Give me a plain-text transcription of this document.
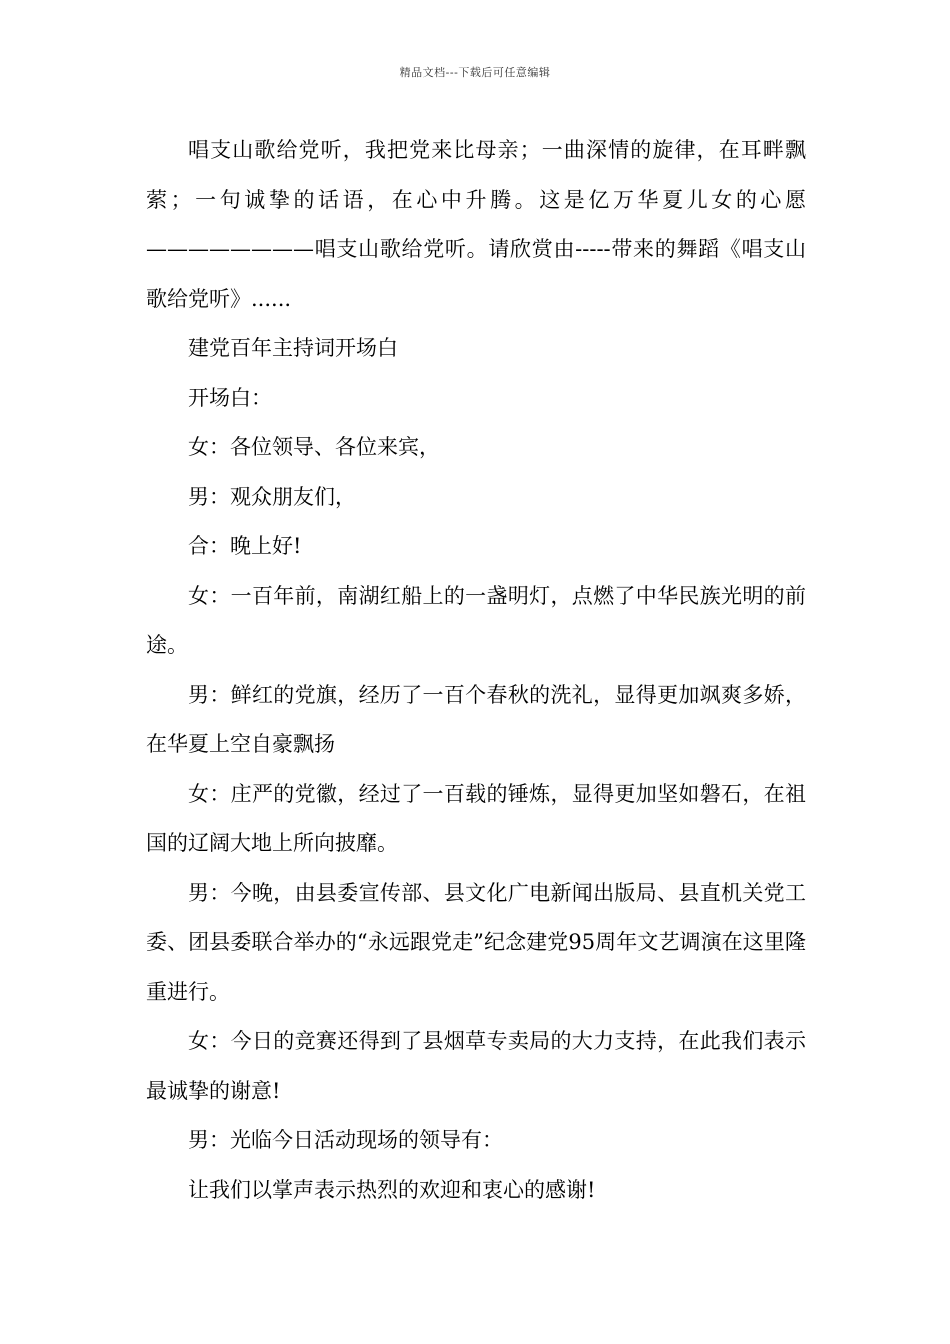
精品文档---下载后可任意编辑

唱支山歌给党听，我把党来比母亲；一曲深情的旋律，在耳畔飘萦；一句诚挚的话语，在心中升腾。这是亿万华夏儿女的心愿————————唱支山歌给党听。请欣赏由-----带来的舞蹈《唱支山歌给党听》......

建党百年主持词开场白

开场白：

女：各位领导、各位来宾，

男：观众朋友们，

合：晚上好!

女：一百年前，南湖红船上的一盏明灯，点燃了中华民族光明的前途。

男：鲜红的党旗，经历了一百个春秋的洗礼，显得更加飒爽多娇，在华夏上空自豪飘扬

女：庄严的党徽，经过了一百载的锤炼，显得更加坚如磐石，在祖国的辽阔大地上所向披靡。

男：今晚，由县委宣传部、县文化广电新闻出版局、县直机关党工委、团县委联合举办的“永远跟党走”纪念建党95周年文艺调演在这里隆重进行。

女：今日的竞赛还得到了县烟草专卖局的大力支持，在此我们表示最诚挚的谢意!

男：光临今日活动现场的领导有：

让我们以掌声表示热烈的欢迎和衷心的感谢!
